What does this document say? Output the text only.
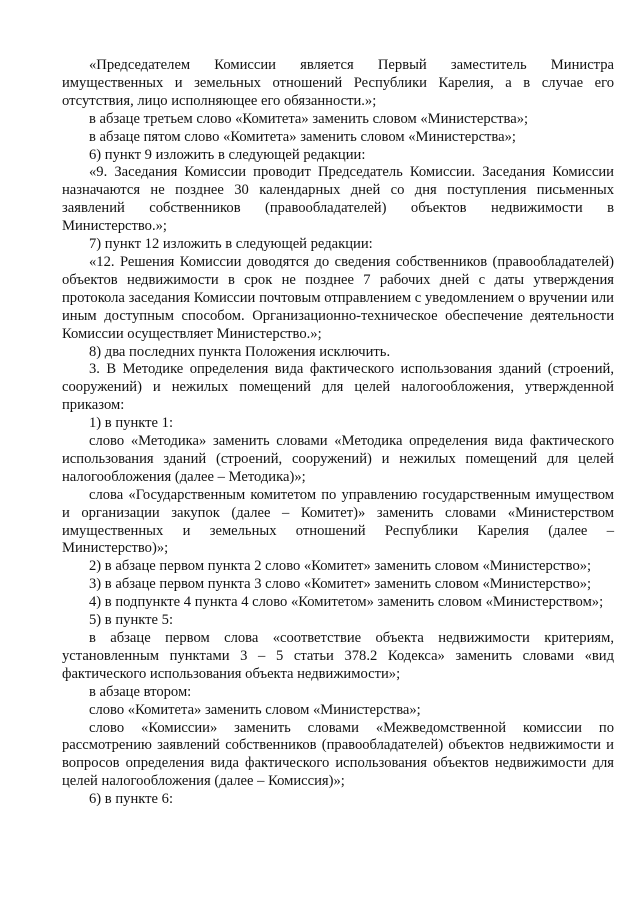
«Председателем Комиссии является Первый заместитель Министра имущественных и земельных отношений Республики Карелия, а в случае его отсутствия, лицо исполняющее его обязанности.»;

в абзаце третьем слово «Комитета» заменить словом «Министерства»;

в абзаце пятом слово «Комитета» заменить словом «Министерства»;

6) пункт 9 изложить в следующей редакции:

«9. Заседания Комиссии проводит Председатель Комиссии. Заседания Комиссии назначаются не позднее 30 календарных дней со дня поступления письменных заявлений собственников (правообладателей) объектов недвижимости в Министерство.»;

7) пункт 12 изложить в следующей редакции:

«12. Решения Комиссии доводятся до сведения собственников (правообладателей) объектов недвижимости в срок не позднее 7 рабочих дней с даты утверждения протокола заседания Комиссии почтовым отправлением с уведомлением о вручении или иным доступным способом. Организационно-техническое обеспечение деятельности Комиссии осуществляет Министерство.»;

8) два последних пункта Положения исключить.

3. В Методике определения вида фактического использования зданий (строений, сооружений) и нежилых помещений для целей налогообложения, утвержденной приказом:

1) в пункте 1:

слово «Методика» заменить словами «Методика определения вида фактического использования зданий (строений, сооружений) и нежилых помещений для целей налогообложения (далее – Методика)»;

слова «Государственным комитетом по управлению государственным имуществом и организации закупок (далее – Комитет)» заменить словами «Министерством имущественных и земельных отношений Республики Карелия (далее – Министерство)»;

2) в абзаце первом пункта 2 слово «Комитет» заменить словом «Министерство»;

3) в абзаце первом пункта 3 слово «Комитет» заменить словом «Министерство»;

4) в подпункте 4 пункта 4 слово «Комитетом» заменить словом «Министерством»;

5) в пункте 5:

в абзаце первом слова «соответствие объекта недвижимости критериям, установленным пунктами 3 – 5 статьи 378.2 Кодекса» заменить словами «вид фактического использования объекта недвижимости»;

в абзаце втором:

слово «Комитета» заменить словом «Министерства»;

слово «Комиссии» заменить словами «Межведомственной комиссии по рассмотрению заявлений собственников (правообладателей) объектов недвижимости и вопросов определения вида фактического использования объектов недвижимости для целей налогообложения (далее – Комиссия)»;

6) в пункте 6:
